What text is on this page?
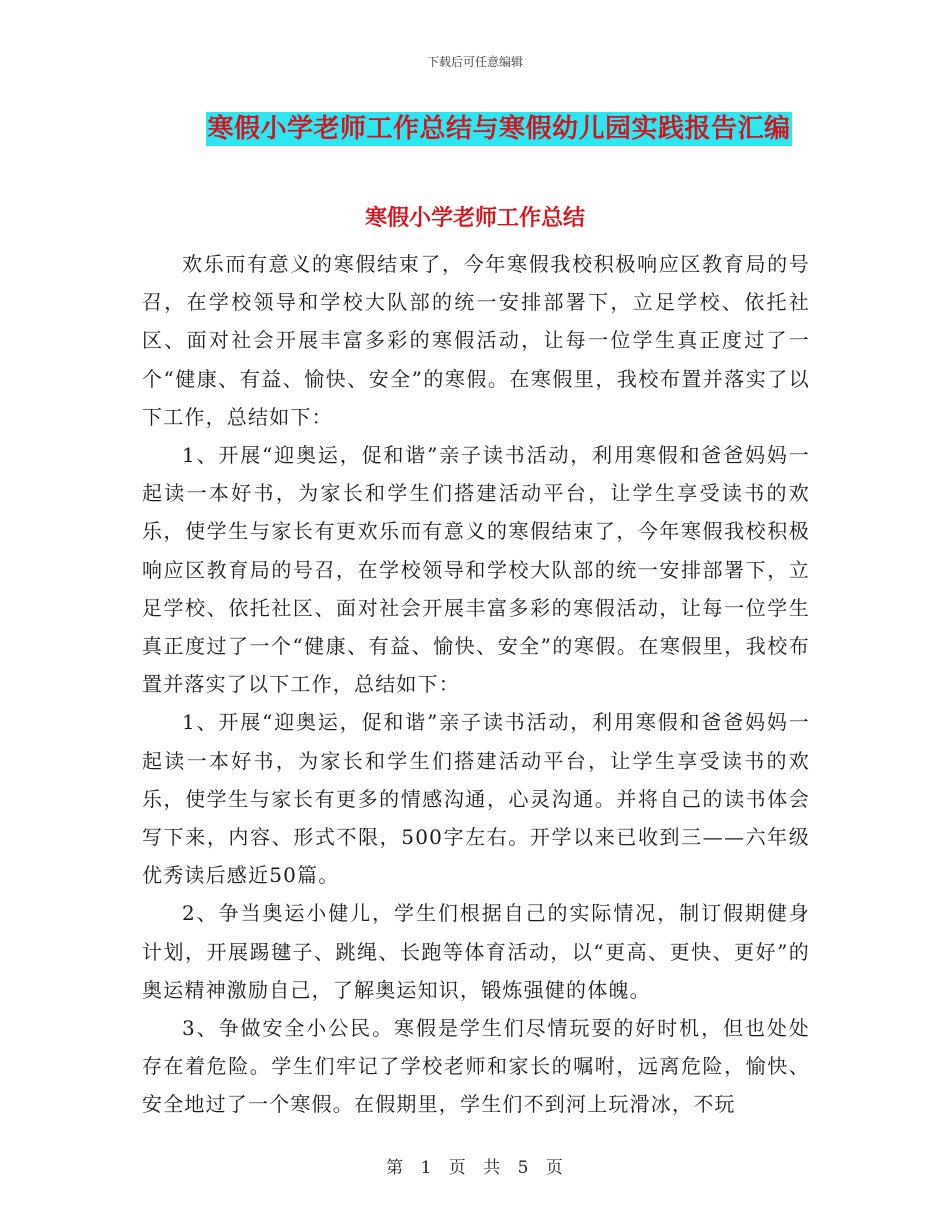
下载后可任意编辑
寒假小学老师工作总结与寒假幼儿园实践报告汇编
寒假小学老师工作总结

欢乐而有意义的寒假结束了，今年寒假我校积极响应区教育局的号召，在学校领导和学校大队部的统一安排部署下，立足学校、依托社区、面对社会开展丰富多彩的寒假活动，让每一位学生真正度过了一个“健康、有益、愉快、安全”的寒假。在寒假里，我校布置并落实了以下工作，总结如下：

1、开展“迎奥运，促和谐”亲子读书活动，利用寒假和爸爸妈妈一起读一本好书，为家长和学生们搭建活动平台，让学生享受读书的欢乐，使学生与家长有更欢乐而有意义的寒假结束了，今年寒假我校积极响应区教育局的号召，在学校领导和学校大队部的统一安排部署下，立足学校、依托社区、面对社会开展丰富多彩的寒假活动，让每一位学生真正度过了一个“健康、有益、愉快、安全”的寒假。在寒假里，我校布置并落实了以下工作，总结如下：

1、开展“迎奥运，促和谐”亲子读书活动，利用寒假和爸爸妈妈一起读一本好书，为家长和学生们搭建活动平台，让学生享受读书的欢乐，使学生与家长有更多的情感沟通，心灵沟通。并将自己的读书体会写下来，内容、形式不限，500字左右。开学以来已收到三——六年级优秀读后感近50篇。

2、争当奥运小健儿，学生们根据自己的实际情况，制订假期健身计划，开展踢毽子、跳绳、长跑等体育活动，以“更高、更快、更好”的奥运精神激励自己，了解奥运知识，锻炼强健的体魄。

3、争做安全小公民。寒假是学生们尽情玩耍的好时机，但也处处存在着危险。学生们牢记了学校老师和家长的嘱咐，远离危险，愉快、安全地过了一个寒假。在假期里，学生们不到河上玩滑冰，不玩

第 1 页 共 5 页
